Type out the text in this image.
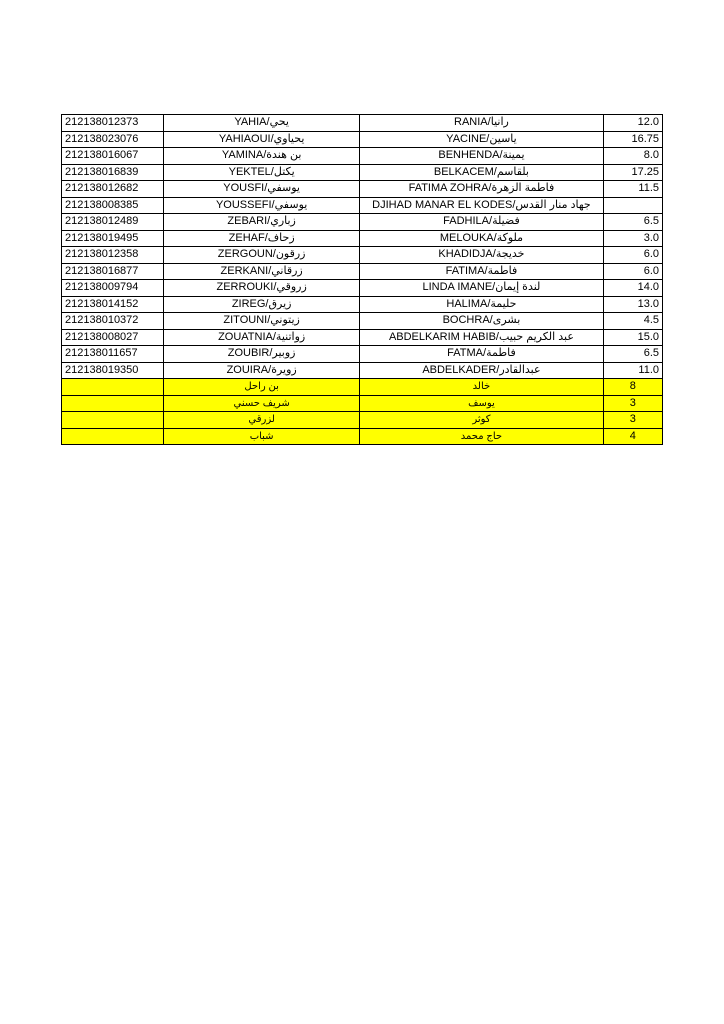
212138012373	YAHIA/يحي	RANIA/رانيا	12.0
212138023076	YAHIAOUI/يحياوي	YACINE/ياسين	16.75
212138016067	YAMINA/بن هندة	BENHENDA/يمينة	8.0
212138016839	YEKTEL/يكتل	BELKACEM/بلقاسم	17.25
212138012682	YOUSFI/يوسفي	FATIMA ZOHRA/فاطمة الزهرة	11.5
212138008385	YOUSSEFI/يوسفي	DJIHAD MANAR EL KODES/جهاد منار القدس	
212138012489	ZEBARI/زباري	FADHILA/فضيلة	6.5
212138019495	ZEHAF/زحاف	MELOUKA/ملوكة	3.0
212138012358	ZERGOUN/زرقون	KHADIDJA/خديجة	6.0
212138016877	ZERKANI/زرقاني	FATIMA/فاطمة	6.0
212138009794	ZERROUKI/زروقي	LINDA IMANE/لندة إيمان	14.0
212138014152	ZIREG/زيرق	HALIMA/حليمة	13.0
212138010372	ZITOUNI/زيتوني	BOCHRA/بشرى	4.5
212138008027	ZOUATNIA/زواتنية	ABDELKARIM HABIB/عبد الكريم حبيب	15.0
212138011657	ZOUBIR/زوبير	FATMA/فاطمة	6.5
212138019350	ZOUIRA/زويرة	ABDELKADER/عبدالقادر	11.0
	بن راحل	خالد	8
	شريف حسني	يوسف	3
	لزرقي	كوثر	3
	شباب	حاج محمد	4
